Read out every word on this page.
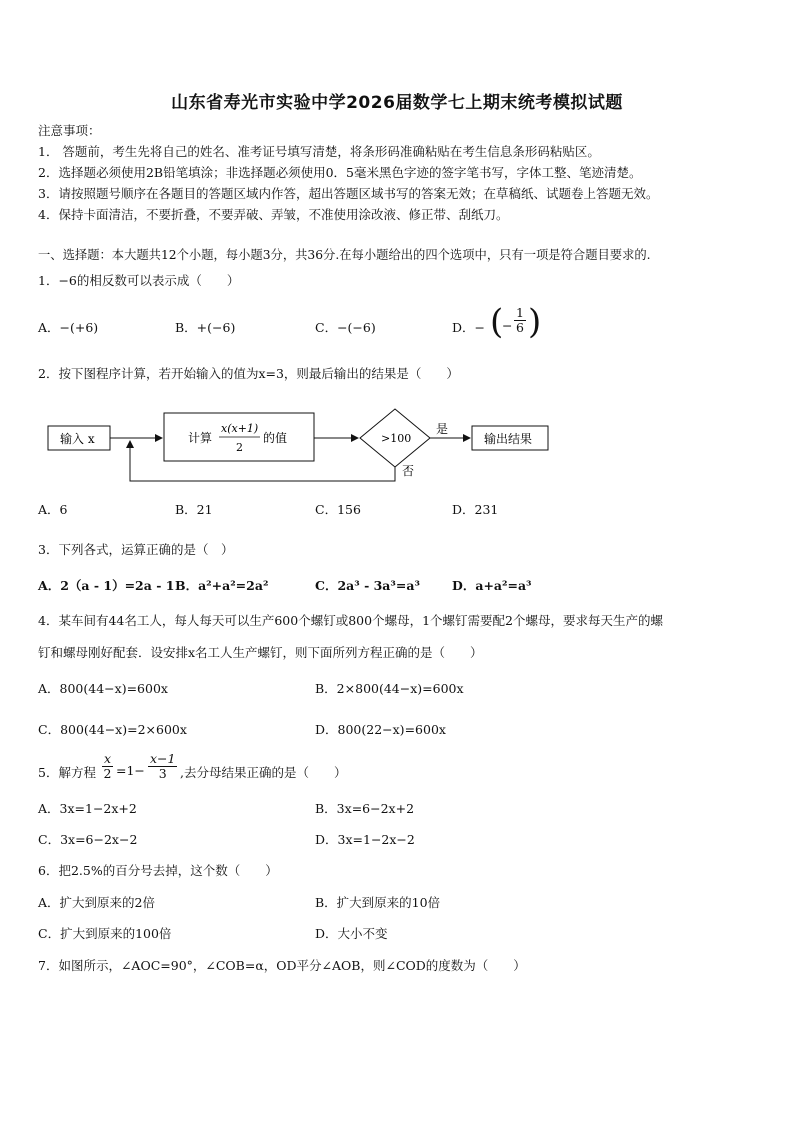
山东省寿光市实验中学2026届数学七上期末统考模拟试题
注意事项：
1． 答题前，考生先将自己的姓名、准考证号填写清楚，将条形码准确粘贴在考生信息条形码粘贴区。
2．选择题必须使用2B铅笔填涂；非选择题必须使用0．5毫米黑色字迹的签字笔书写，字体工整、笔迹清楚。
3．请按照题号顺序在各题目的答题区域内作答，超出答题区域书写的答案无效；在草稿纸、试题卷上答题无效。
4．保持卡面清洁，不要折叠，不要弄破、弄皱，不准使用涂改液、修正带、刮纸刀。
一、选择题：本大题共12个小题，每小题3分，共36分.在每小题给出的四个选项中，只有一项是符合题目要求的.
1．−6的相反数可以表示成（　　）
A．−(+6)	B．+(−6)	C．−(−6)	D．− (
− $\frac{1}{6}$ )
2．按下图程序计算，若开始输入的值为x=3，则最后输出的结果是（　　）
输入 x	计算
x(x+1)
2
的值	>100
是
输出结果
否
A．6	B．21	C．156	D．231
3．下列各式，运算正确的是（　）
A．2（a - 1）=2a - 1 B．a²+a²=2a²	C．2a³ - 3a³=a³	D．a+a²=a³
4．某车间有44名工人，每人每天可以生产600个螺钉或800个螺母，1个螺钉需要配2个螺母，要求每天生产的螺
钉和螺母刚好配套．设安排x名工人生产螺钉，则下面所列方程正确的是（　　）
A．800(44−x)=600x	B．2×800(44−x)=600x
C．800(44−x)=2×600x	D．800(22−x)=600x
5．解方程 $\frac{x}{2} =1- \frac{x-1}{3}$ ,去分母结果正确的是（　　）
A．3x=1−2x+2	B．3x=6−2x+2
C．3x=6−2x−2	D．3x=1−2x−2
6．把2.5%的百分号去掉，这个数（　　）
A．扩大到原来的2倍	B．扩大到原来的10倍
C．扩大到原来的100倍	D．大小不变
7．如图所示，∠AOC=90°，∠COB=α，OD平分∠AOB，则∠COD的度数为（　　）
